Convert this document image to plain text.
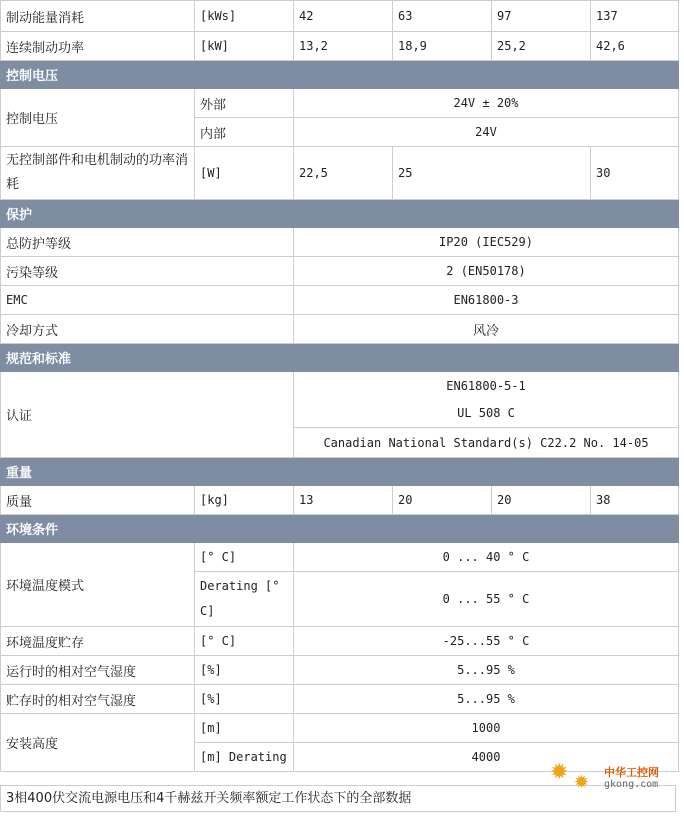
制动能量消耗	[kWs]	42	63	97	137
连续制动功率	[kW]	13,2	18,9	25,2	42,6
控制电压					
控制电压	外部	24V ± 20%			
	内部	24V			
无控制部件和电机制动的功率消耗	[W]	22,5	25		30
保护					
总防护等级		IP20 (IEC529)			
污染等级		2 (EN50178)			
EMC		EN61800-3			
冷却方式		风冷			
规范和标准					
认证		EN61800-5-1			
		UL 508 C			
		Canadian National Standard(s) C22.2 No. 14-05			
重量					
质量	[kg]	13	20	20	38
环境条件					
环境温度模式	[° C]	0 ... 40 ° C			
	Derating [° C]	0 ... 55 ° C			
环境温度贮存	[° C]	-25...55 ° C			
运行时的相对空气湿度	[%]	5...95 %			
贮存时的相对空气湿度	[%]	5...95 %			
安装高度	[m]	1000			
	[m] Derating	4000			
3相400伏交流电源电压和4千赫兹开关频率额定工作状态下的全部数据
✹ ✹ 中华工控网
gkong.com
